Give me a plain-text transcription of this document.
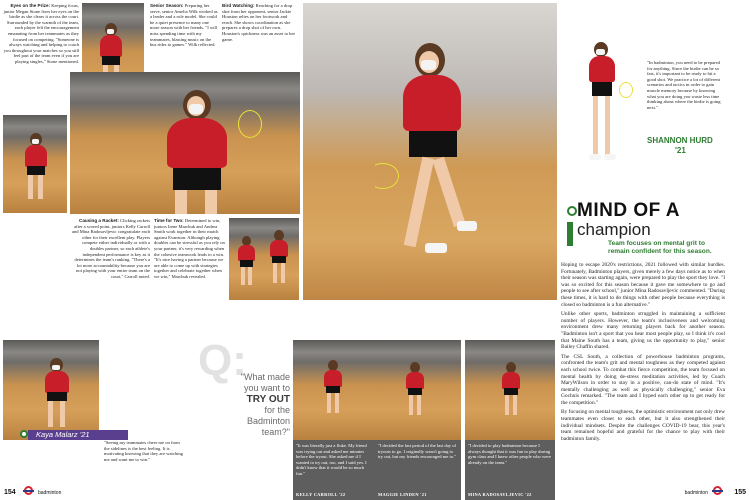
Eyes on the Prize: Keeping focus, junior Megan Stone fixes her eyes on the birdie as she clears it across the court. Surrounded by the warmth of the team, each player felt the encouragement emanating from her teammates as they focused on competing. "Someone is always watching and helping to coach you throughout your matches so you still feel part of the team even if you are playing singles," Stone mentioned.
Senior Season: Preparing her serve, senior Amelia Wilk worked as a leader and a role model. She could be a quiet presence to many one more season with her friends. "I will miss spending time with my teammates, blasting music on the bus rides to games." Wilk reflected.
Bird Watching: Reaching for a drop shot from her opponent, senior Jackie Houston relies on her footwork and reach. She shows coordination as she prepares a drop shot of her own. Houston's quickness was an asset to her game.
Causing a Racket: Clicking rackets after a scored point, juniors Kelly Carroll and Mina Radosavljevic congratulate each other for their excellent play. Players compete either individually or with a doubles partner, so each athlete's independent performance is key as it determines the team's ranking. "There's a lot more accountability because you are not playing with your entire team on the court," Carroll noted.
Time for Two: Determined to win, juniors Irene Marchuk and Andrea Smith work together in their match against Evanston. Although playing doubles can be stressful as you rely on your partner, it's very rewarding when the cohesive teamwork leads to a win. "It's nice having a partner because we are able to come up with strategies together and celebrate together when we win," Marchuk revealed.
Kaya Malarz '21
"Seeing my teammates cheer me on from the sidelines is the best feeling. It is motivating knowing that they are watching me and want me to win."
Q:
"What made
you want to
TRY OUT
for the
Badminton
team?"
"It was literally just a fluke. My friend was trying out and asked me minutes before the tryout. She asked me if I wanted to try out, too, and I said yes. I didn't know that it would be so much fun."
KELLY CARROLL '22
154	badminton
"In badminton, you need to be prepared for anything. Since the birdie can be so fast, it's important to be ready to hit a good shot. We practice a lot of different scenarios and tactics in order to gain muscle memory because by knowing what you are doing you waste less time thinking about where the birdie is going next."
SHANNON HURD
'21
MIND OF A
champion
Team focuses on mental grit to remain confident for this season.

Hoping to escape 2020's restrictions, 2021 followed with similar hurdles. Fortunately, Badminton players, given merely a few days notice as to when their season was starting again, were prepared to play the sport they love. "I was so excited for this season because it gave me somewhere to go and people to see after school," junior Mina Radosavljevic commented. "During these times, it is hard to do things with other people because everything is closed so badminton is a fun alternative."

Unlike other sports, badminton struggled in maintaining a sufficient number of players. However, the team's inclusiveness and welcoming environment drew many returning players back for another season. "Badminton isn't a sport that you hear most people play, so I think it's cool that Maine South has a team, giving us the opportunity to play," senior Bailey Chaffin shared.

The CSL South, a collection of powerhouse badminton programs, confronted the team's grit and mental toughness as they competed against each school twice. To combat this fierce competition, the team focused on mental health by doing de-stress meditation activities, led by Coach MaryWilson in order to stay in a positive, can-do state of mind. "It's mentally challenging as well as physically challenging," senior Eva Gochnis remarked. "The team and I hyped each other up to get ready for the competition."

By focusing on mental toughness, the optimistic environment not only drew teammates even closer to each other, but it also strengthened their individual mindsets. Despite the challenges COVID-19 bear, this year's team remained hopeful and grateful for the chance to play with their badminton family.

"I decided the last period of the last day of tryouts to go. I originally wasn't going to try out, but my friends encouraged me to."
MAGGIE LINDEN '21
"I decided to play badminton because I always thought that it was fun to play during gym class and I knew other people who were already on the team."
MINA RADOSAVLJEVIC '22	badminton	155
